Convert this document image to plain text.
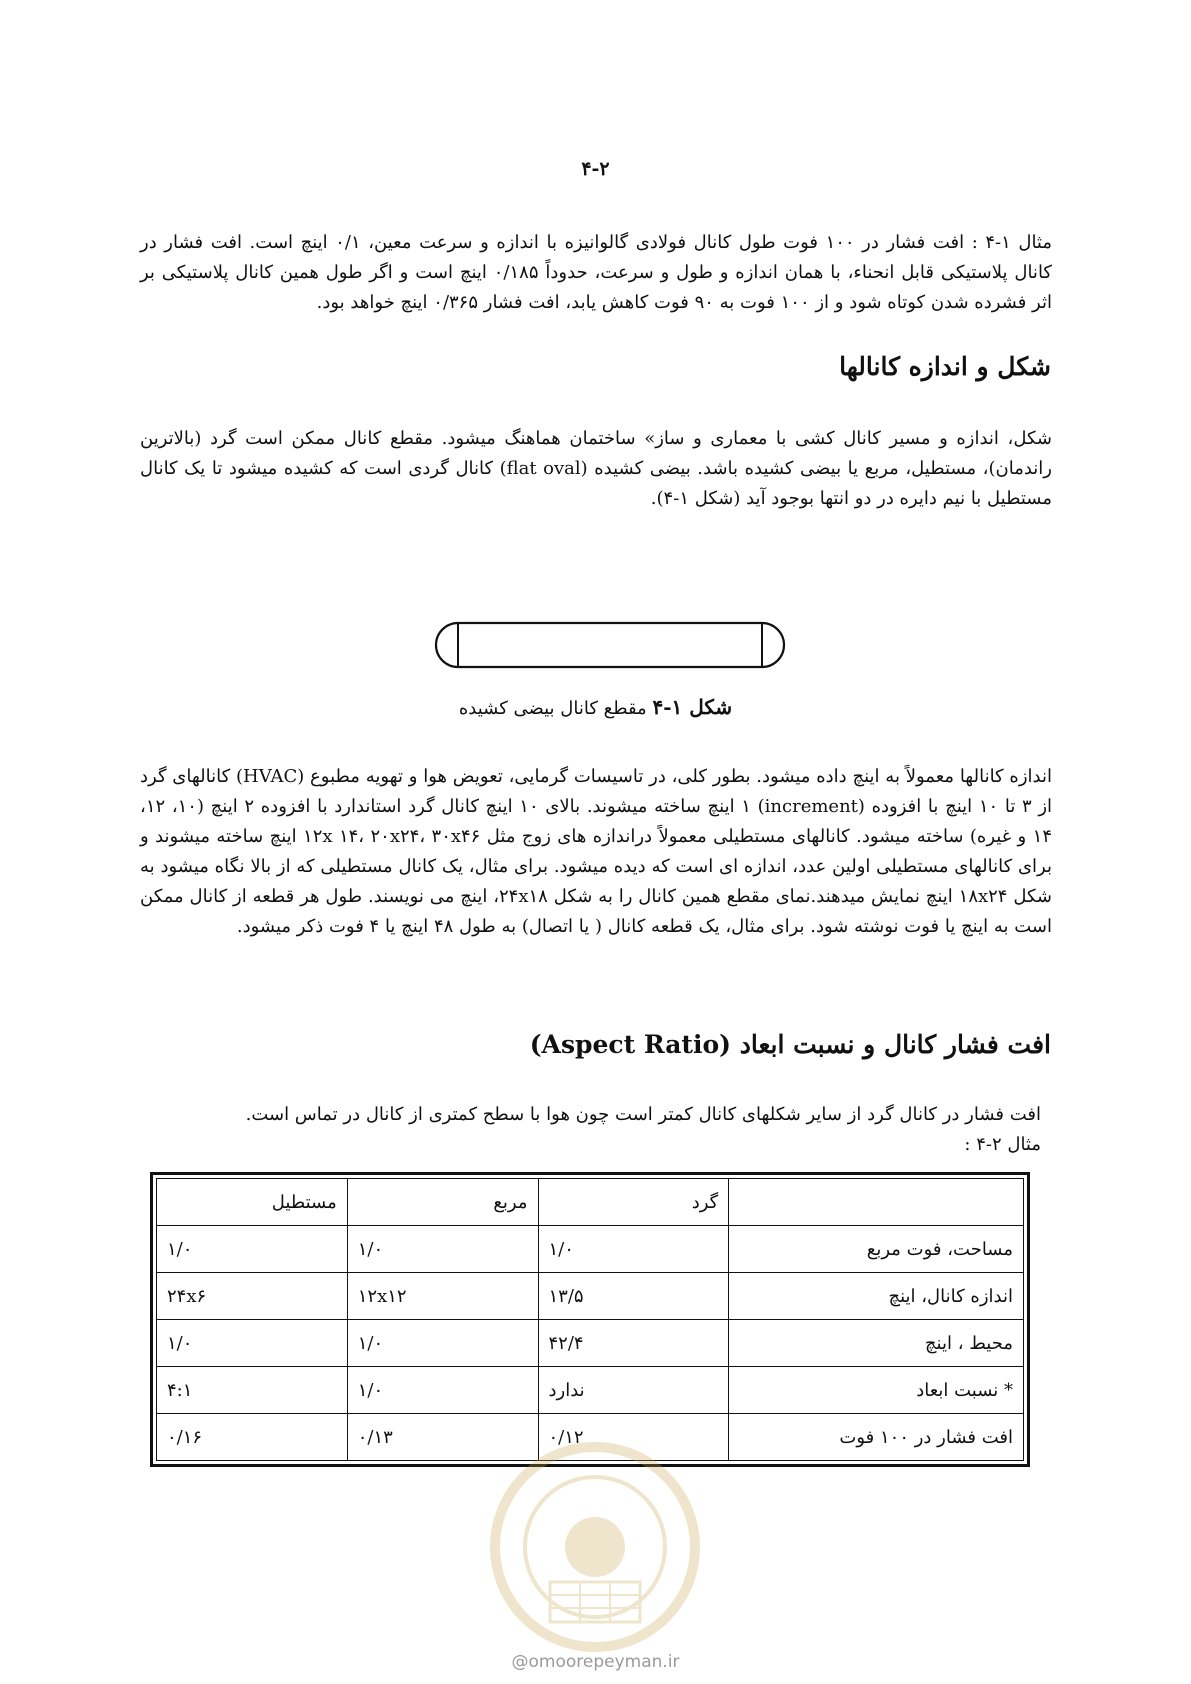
۴-۲

مثال ۱-۴ : افت فشار در ۱۰۰ فوت طول کانال فولادی گالوانیزه با اندازه و سرعت معین، ۰/۱ اینچ است. افت فشار در کانال پلاستیکی قابل انحناء، با همان اندازه و طول و سرعت، حدوداً ۰/۱۸۵ اینچ است و اگر طول همین کانال پلاستیکی بر اثر فشرده شدن کوتاه شود و از ۱۰۰ فوت به ۹۰ فوت کاهش یابد، افت فشار ۰/۳۶۵ اینچ خواهد بود.

شکل و اندازه کانالها

شکل، اندازه و مسیر کانال کشی با معماری و ساز» ساختمان هماهنگ میشود. مقطع کانال ممکن است گرد (بالاترین راندمان)، مستطیل، مربع یا بیضی کشیده باشد. بیضی کشیده (flat oval) کانال گردی است که کشیده میشود تا یک کانال مستطیل با نیم دایره در دو انتها بوجود آید (شکل ۱-۴).

شکل ۱-۴ مقطع کانال بیضی کشیده

اندازه کانالها معمولاً به اینچ داده میشود. بطور کلی، در تاسیسات گرمایی، تعویض هوا و تهویه مطبوع (HVAC) کانالهای گرد از ۳ تا ۱۰ اینچ با افزوده (increment) ۱ اینچ ساخته میشوند. بالای ۱۰ اینچ کانال گرد استاندارد با افزوده ۲ اینچ (۱۰، ۱۲، ۱۴ و غیره) ساخته میشود. کانالهای مستطیلی معمولاً دراندازه های زوج مثل ۱۲x ۱۴، ۲۰x۲۴، ۳۰x۴۶ اینچ ساخته میشوند و برای کانالهای مستطیلی اولین عدد، اندازه ای است که دیده میشود. برای مثال، یک کانال مستطیلی که از بالا نگاه میشود به شکل ۱۸x۲۴ اینچ نمایش میدهند.نمای مقطع همین کانال را به شکل ۲۴x۱۸، اینچ می نویسند. طول هر قطعه از کانال ممکن است به اینچ یا فوت نوشته شود. برای مثال، یک قطعه کانال ( یا اتصال) به طول ۴۸ اینچ یا ۴ فوت ذکر میشود.

افت فشار کانال و نسبت ابعاد (Aspect Ratio)

افت فشار در کانال گرد از سایر شکلهای کانال کمتر است چون هوا با سطح کمتری از کانال در تماس است.
مثال ۲-۴ :

	گرد	مربع	مستطیل
مساحت، فوت مربع	۱/۰	۱/۰	۱/۰
اندازه کانال، اینچ	۱۳/۵	۱۲x۱۲	۲۴x۶
محیط ، اینچ	۴۲/۴	۱/۰	۱/۰
* نسبت ابعاد	ندارد	۱/۰	۴:۱
افت فشار در ۱۰۰ فوت	۰/۱۲	۰/۱۳	۰/۱۶
@omoorepeyman.ir
